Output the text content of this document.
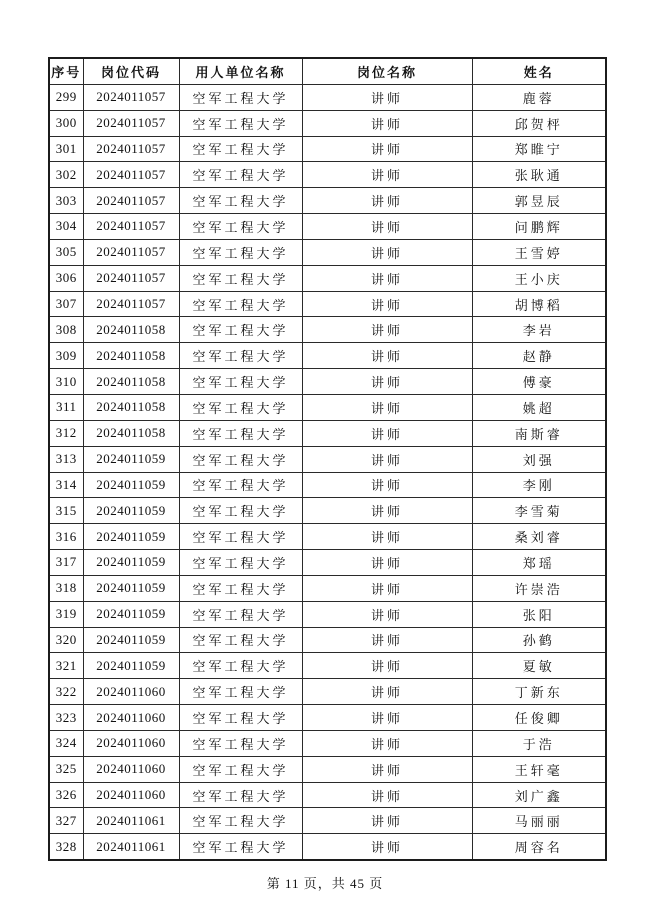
序号	岗位代码	用人单位名称	岗位名称	姓名
299	2024011057	空军工程大学	讲师	鹿蓉
300	2024011057	空军工程大学	讲师	邱贺枰
301	2024011057	空军工程大学	讲师	郑睢宁
302	2024011057	空军工程大学	讲师	张耿通
303	2024011057	空军工程大学	讲师	郭昱辰
304	2024011057	空军工程大学	讲师	问鹏辉
305	2024011057	空军工程大学	讲师	王雪婷
306	2024011057	空军工程大学	讲师	王小庆
307	2024011057	空军工程大学	讲师	胡博稻
308	2024011058	空军工程大学	讲师	李岩
309	2024011058	空军工程大学	讲师	赵静
310	2024011058	空军工程大学	讲师	傅豪
311	2024011058	空军工程大学	讲师	姚超
312	2024011058	空军工程大学	讲师	南斯睿
313	2024011059	空军工程大学	讲师	刘强
314	2024011059	空军工程大学	讲师	李刚
315	2024011059	空军工程大学	讲师	李雪菊
316	2024011059	空军工程大学	讲师	桑刘睿
317	2024011059	空军工程大学	讲师	郑瑶
318	2024011059	空军工程大学	讲师	许崇浩
319	2024011059	空军工程大学	讲师	张阳
320	2024011059	空军工程大学	讲师	孙鹤
321	2024011059	空军工程大学	讲师	夏敏
322	2024011060	空军工程大学	讲师	丁新东
323	2024011060	空军工程大学	讲师	任俊卿
324	2024011060	空军工程大学	讲师	于浩
325	2024011060	空军工程大学	讲师	王轩毫
326	2024011060	空军工程大学	讲师	刘广鑫
327	2024011061	空军工程大学	讲师	马丽丽
328	2024011061	空军工程大学	讲师	周容名
第 11 页，共 45 页
